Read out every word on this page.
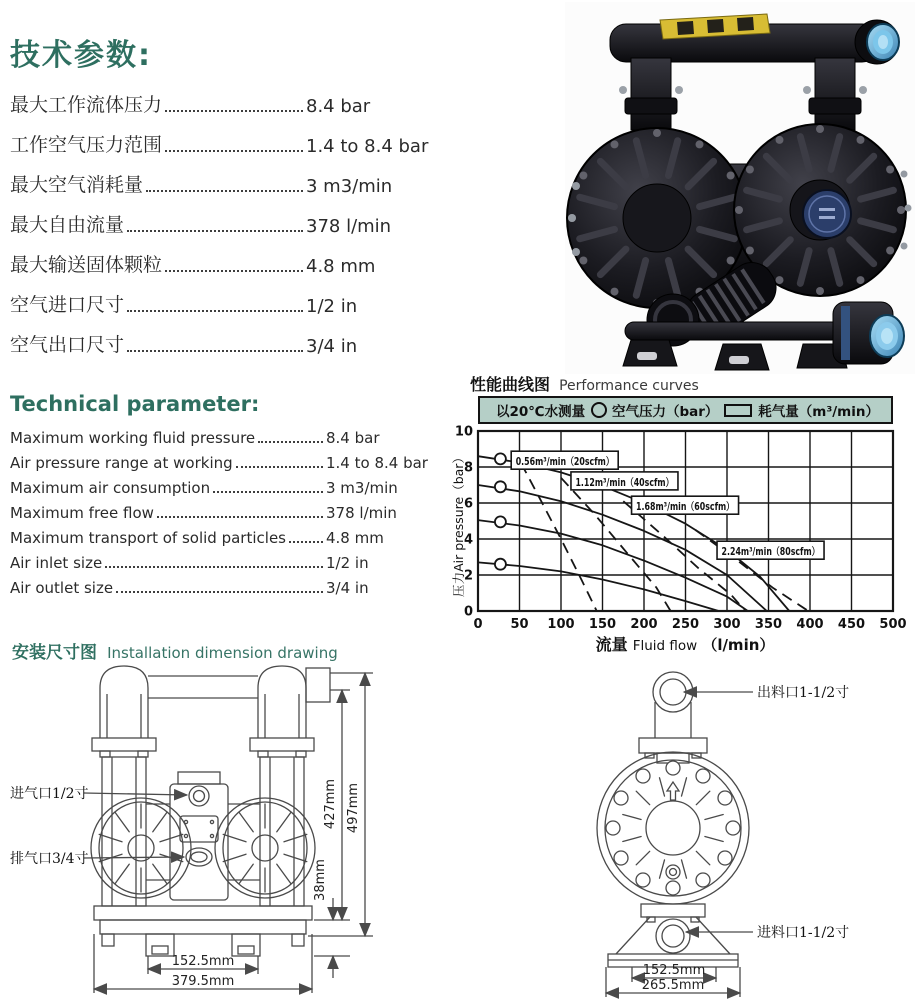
技术参数:
最大工作流体压力	8.4 bar
工作空气压力范围	1.4 to 8.4 bar
最大空气消耗量	3 m3/min
最大自由流量	378 l/min
最大输送固体颗粒	4.8 mm
空气进口尺寸	1/2 in
空气出口尺寸	3/4 in
Technical parameter:
Maximum working fluid pressure	8.4 bar
Air pressure range at working	1.4 to 8.4 bar
Maximum air consumption	3 m3/min
Maximum free flow	378 l/min
Maximum transport of solid particles	4.8 mm
Air inlet size	1/2 in
Air outlet size	3/4 in
性能曲线图 Performance curves
以20℃水测量 空气压力（bar）	耗气量（m³/min）
0 50 100 150 200 250 300 350 400 450 500
0
2
4
6
8
10
0.56m³/min（20scfm）
1.12m³/min（40scfm）
1.68m³/min（60scfm）
2.24m³/min（80scfm）
压力Air pressure（bar）
流量 Fluid flow （l/min）
安装尺寸图 Installation dimension drawing
进气口1/2寸
排气口3/4寸
427mm 497mm
38mm
152.5mm
379.5mm
出料口1-1/2寸
进料口1-1/2寸
152.5mm
265.5mm
